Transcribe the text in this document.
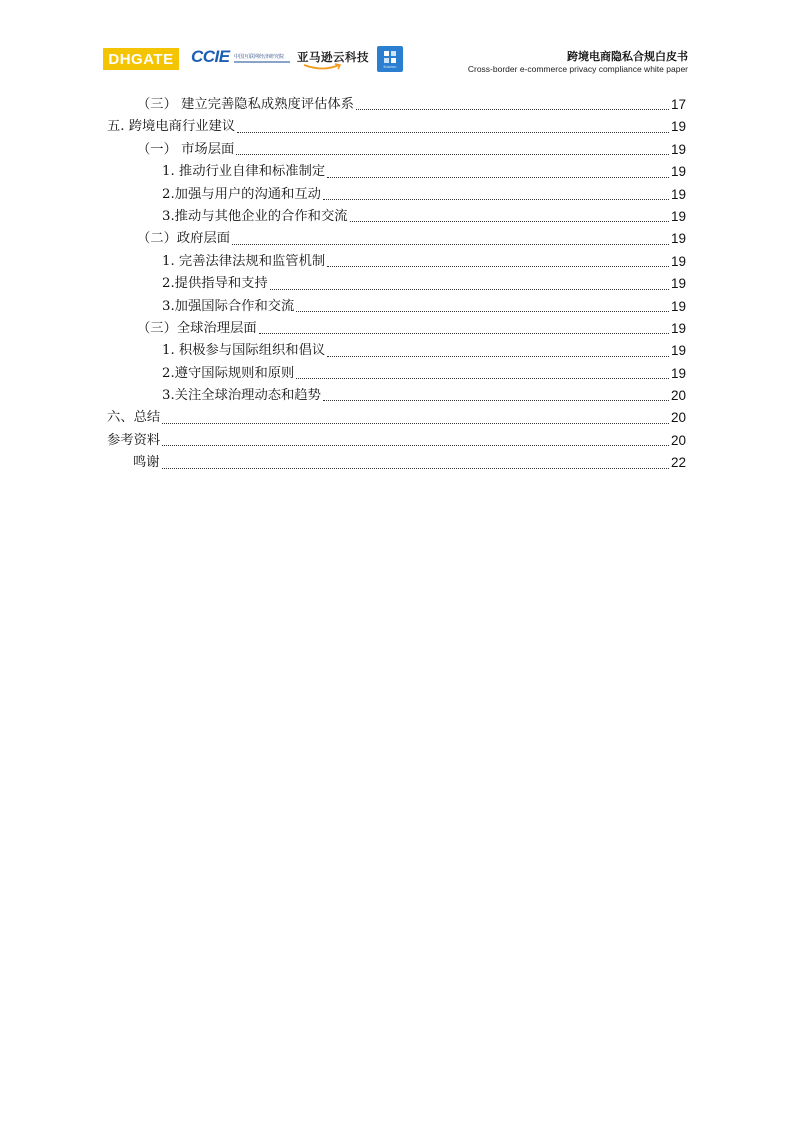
DHGATE	CCIE 中国互联网经济研究院 亚马逊云科技
Kuonan
跨境电商隐私合规白皮书
Cross-border e-commerce privacy compliance white paper
（三） 建立完善隐私成熟度评估体系	17
五. 跨境电商行业建议	19
（一） 市场层面	19
1. 推动行业自律和标准制定	19
2.加强与用户的沟通和互动	19
3.推动与其他企业的合作和交流	19
（二）政府层面	19
1. 完善法律法规和监管机制	19
2.提供指导和支持	19
3.加强国际合作和交流	19
（三）全球治理层面	19
1. 积极参与国际组织和倡议	19
2.遵守国际规则和原则	19
3.关注全球治理动态和趋势	20
六、总结	20
参考资料	20
鸣谢	22
